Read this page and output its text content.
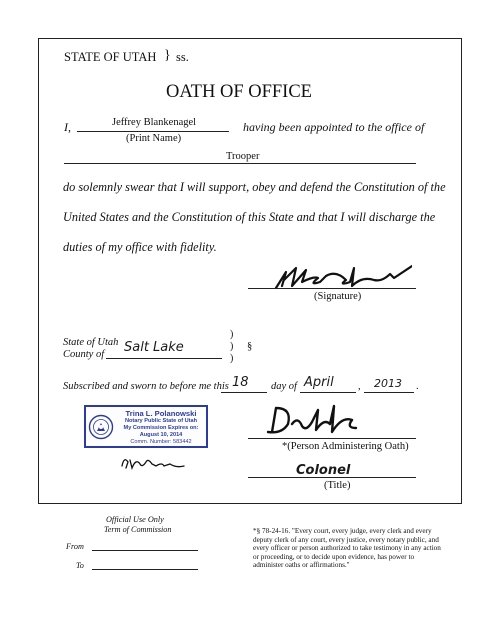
STATE OF UTAH } ss.
OATH OF OFFICE
I,	Jeffrey Blankenagel
(Print Name)
having been appointed to the office of
Trooper
do solemnly swear that I will support, obey and defend the Constitution of the
United States and the Constitution of this State and that I will discharge the
duties of my office with fidelity.
(Signature)
State of Utah
County of Salt Lake
)
)
)
§
Subscribed and sworn to before me this 18 day of April , 2013 .
Trina L. Polanowski
Notary Public State of Utah
My Commission Expires on:
August 10, 2014
Comm. Number: 583442	*(Person Administering Oath)
Colonel
(Title)
Official Use Only
Term of Commission
From
To
*§ 78-24-16. "Every court, every judge, every clerk and every deputy clerk of any court, every justice, every notary public, and every officer or person authorized to take testimony in any action or proceeding, or to decide upon evidence, has power to administer oaths or affirmations."
